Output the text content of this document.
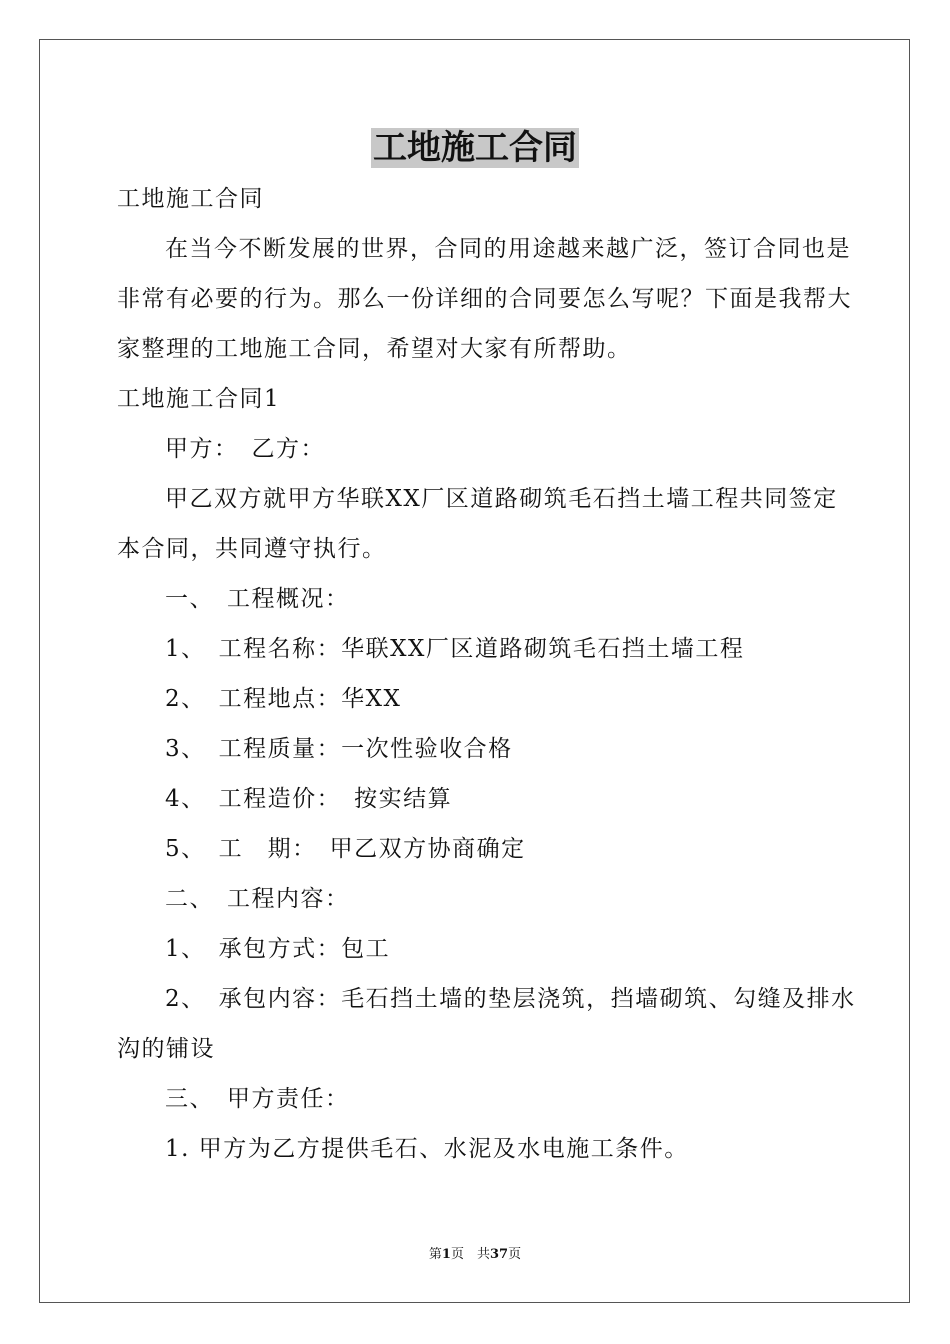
工地施工合同
工地施工合同
在当今不断发展的世界，合同的用途越来越广泛，签订合同也是
非常有必要的行为。那么一份详细的合同要怎么写呢？下面是我帮大
家整理的工地施工合同，希望对大家有所帮助。
工地施工合同1
甲方：　乙方：
甲乙双方就甲方华联XX厂区道路砌筑毛石挡土墙工程共同签定
本合同，共同遵守执行。
一、　工程概况：
1、　工程名称：华联XX厂区道路砌筑毛石挡土墙工程
2、　工程地点：华XX
3、　工程质量：一次性验收合格
4、　工程造价：　按实结算
5、　工　期：　甲乙双方协商确定
二、　工程内容：
1、　承包方式：包工
2、　承包内容：毛石挡土墙的垫层浇筑，挡墙砌筑、勾缝及排水
沟的铺设
三、　甲方责任：
1. 甲方为乙方提供毛石、水泥及水电施工条件。
第1页　共37页
